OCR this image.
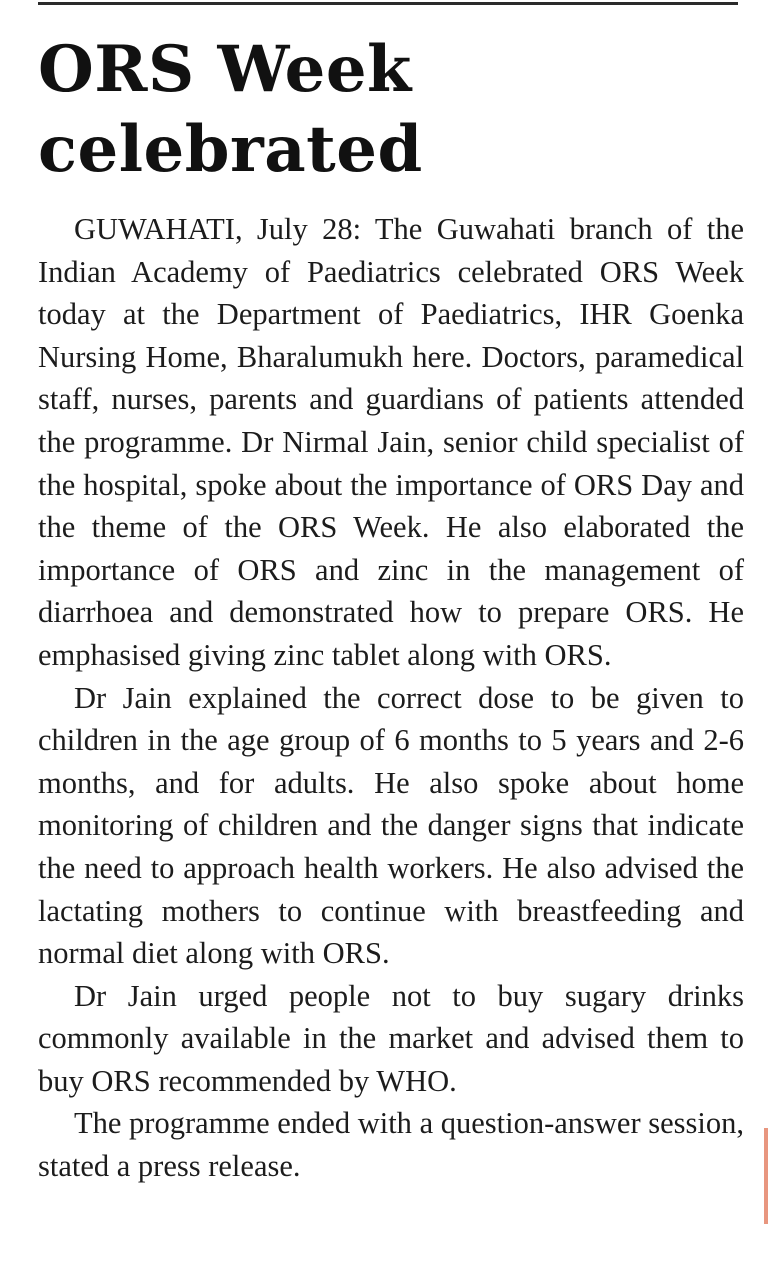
ORS Week
celebrated

GUWAHATI, July 28: The Guwahati branch of the Indian Academy of Paediatrics celebrated ORS Week today at the Department of Paediatrics, IHR Goenka Nursing Home, Bharalumukh here. Doctors, paramedical staff, nurses, parents and guardians of patients attended the programme. Dr Nirmal Jain, senior child specialist of the hospital, spoke about the importance of ORS Day and the theme of the ORS Week. He also elaborated the importance of ORS and zinc in the management of diarrhoea and demonstrated how to prepare ORS. He emphasised giving zinc tablet along with ORS.

Dr Jain explained the correct dose to be given to children in the age group of 6 months to 5 years and 2-6 months, and for adults. He also spoke about home monitoring of children and the danger signs that indicate the need to approach health workers. He also advised the lactating mothers to continue with breastfeeding and normal diet along with ORS.

Dr Jain urged people not to buy sugary drinks commonly available in the market and advised them to buy ORS recommended by WHO.

The programme ended with a question-answer session, stated a press release.
